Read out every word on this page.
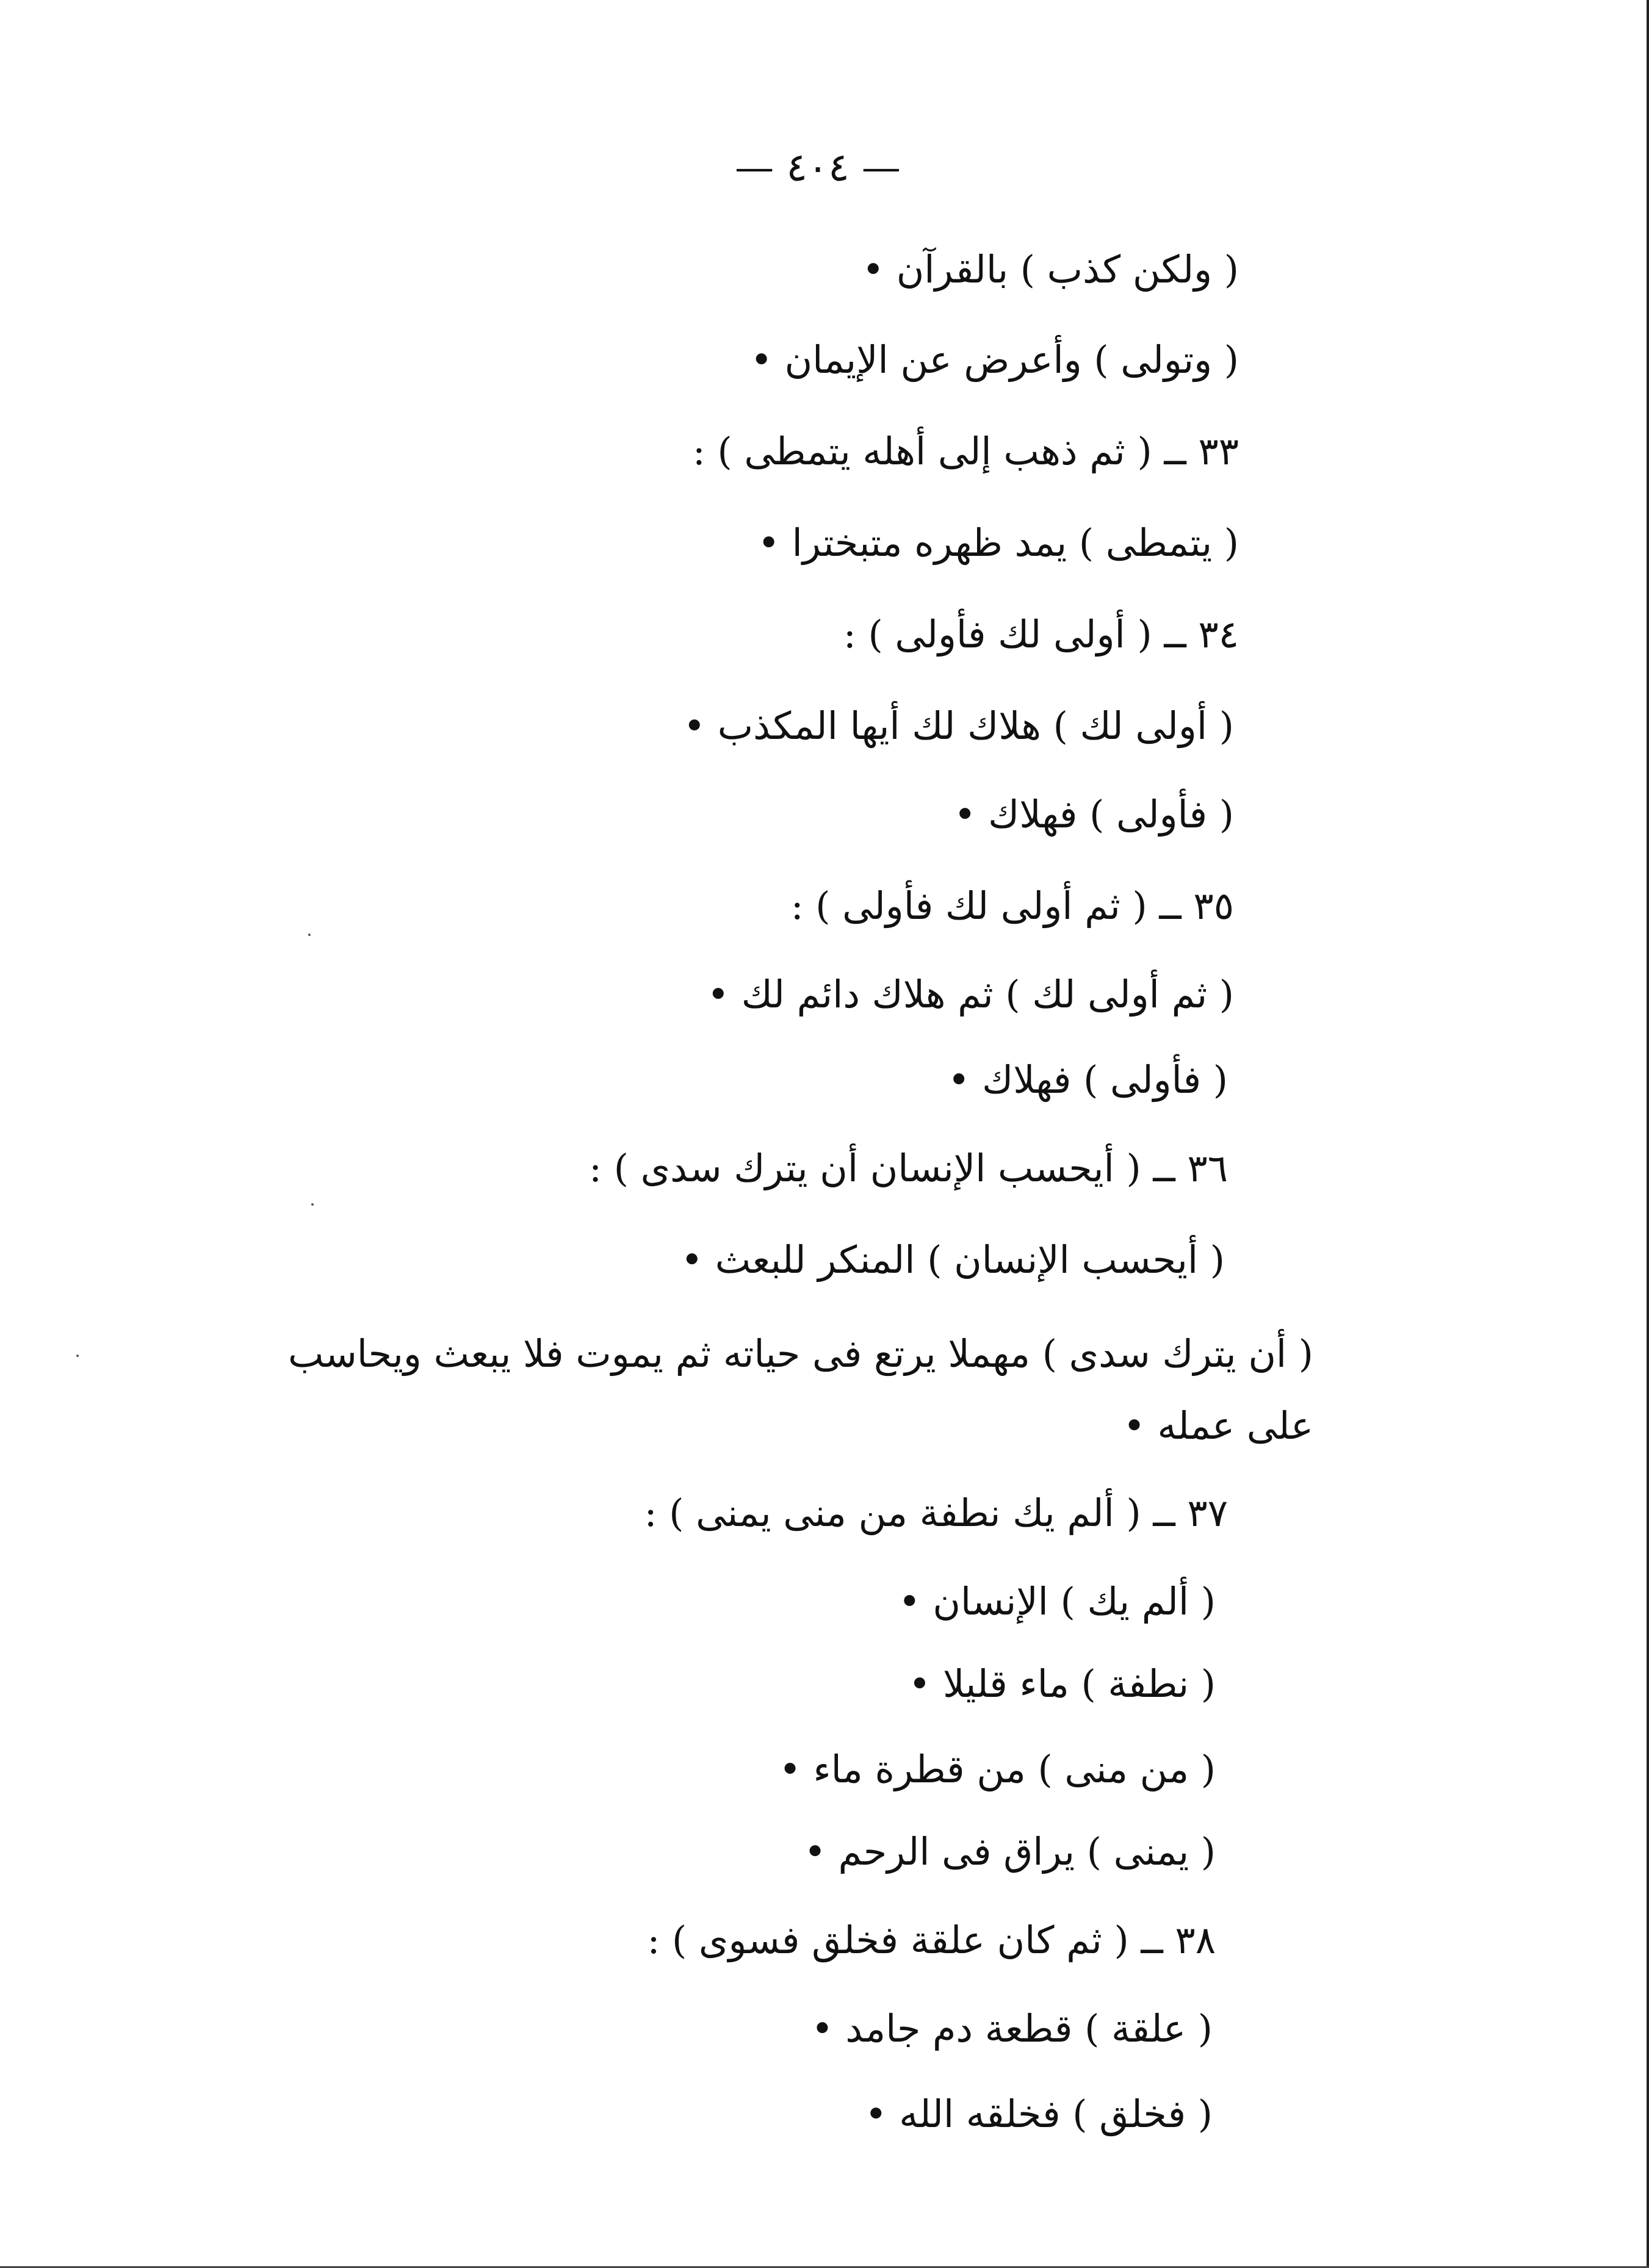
— ٤٠٤ —
( ولكن كذب ) بالقرآن •
( وتولى ) وأعرض عن الإيمان •
٣٣ ــ ( ثم ذهب إلى أهله يتمطى ) :
( يتمطى ) يمد ظهره متبخترا •
٣٤ ــ ( أولى لك فأولى ) :
( أولى لك ) هلاك لك أيها المكذب •
( فأولى ) فهلاك •
٣٥ ــ ( ثم أولى لك فأولى ) :
( ثم أولى لك ) ثم هلاك دائم لك •
( فأولى ) فهلاك •
٣٦ ــ ( أيحسب الإنسان أن يترك سدى ) :
( أيحسب الإنسان ) المنكر للبعث •
( أن يترك سدى ) مهملا يرتع فى حياته ثم يموت فلا يبعث ويحاسب على عمله •
٣٧ ــ ( ألم يك نطفة من منى يمنى ) :
( ألم يك ) الإنسان •
( نطفة ) ماء قليلا •
( من منى ) من قطرة ماء •
( يمنى ) يراق فى الرحم •
٣٨ ــ ( ثم كان علقة فخلق فسوى ) :
( علقة ) قطعة دم جامد •
( فخلق ) فخلقه الله •
